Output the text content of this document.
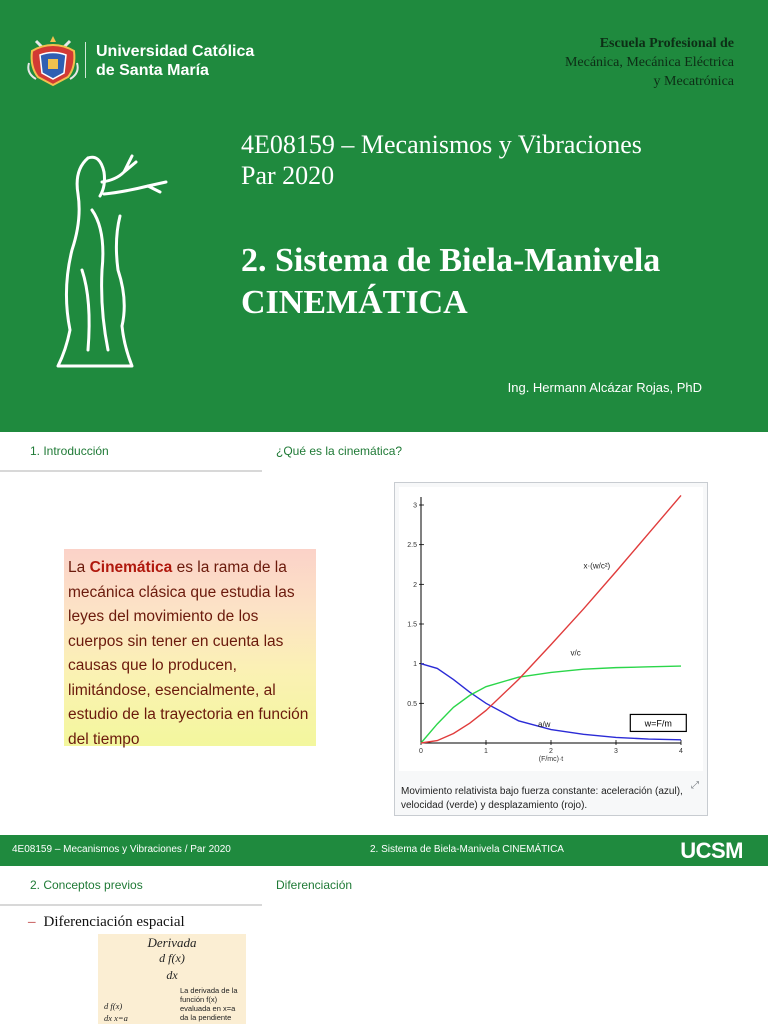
Universidad Católica
de Santa María
Escuela Profesional de
Mecánica, Mecánica Eléctrica
y Mecatrónica
4E08159 – Mecanismos y Vibraciones
Par 2020
2. Sistema de Biela-Manivela
CINEMÁTICA
Ing. Hermann Alcázar Rojas, PhD
1. Introducción	¿Qué es la cinemática?
La Cinemática es la rama de la mecánica clásica que estudia las leyes del movimiento de los cuerpos sin tener en cuenta las causas que lo producen, limitándose, esencialmente, al estudio de la trayectoria en función del tiempo
0	1	2	3	4
0.5
1
1.5
2
2.5
3
(F/mc)·t
a/w
v/c
x·(w/c²)
w=F/m
Movimiento relativista bajo fuerza constante: aceleración (azul), velocidad (verde) y desplazamiento (rojo).
⤢
4E08159 – Mecanismos y Vibraciones / Par 2020	2. Sistema de Biela-Manivela CINEMÁTICA	UCSM
2. Conceptos previos	Diferenciación
– Diferenciación espacial
Derivada
d f(x)
dx
La derivada de la función f(x) evaluada en x=a da la pendiente
d f(x)
dx x=a
